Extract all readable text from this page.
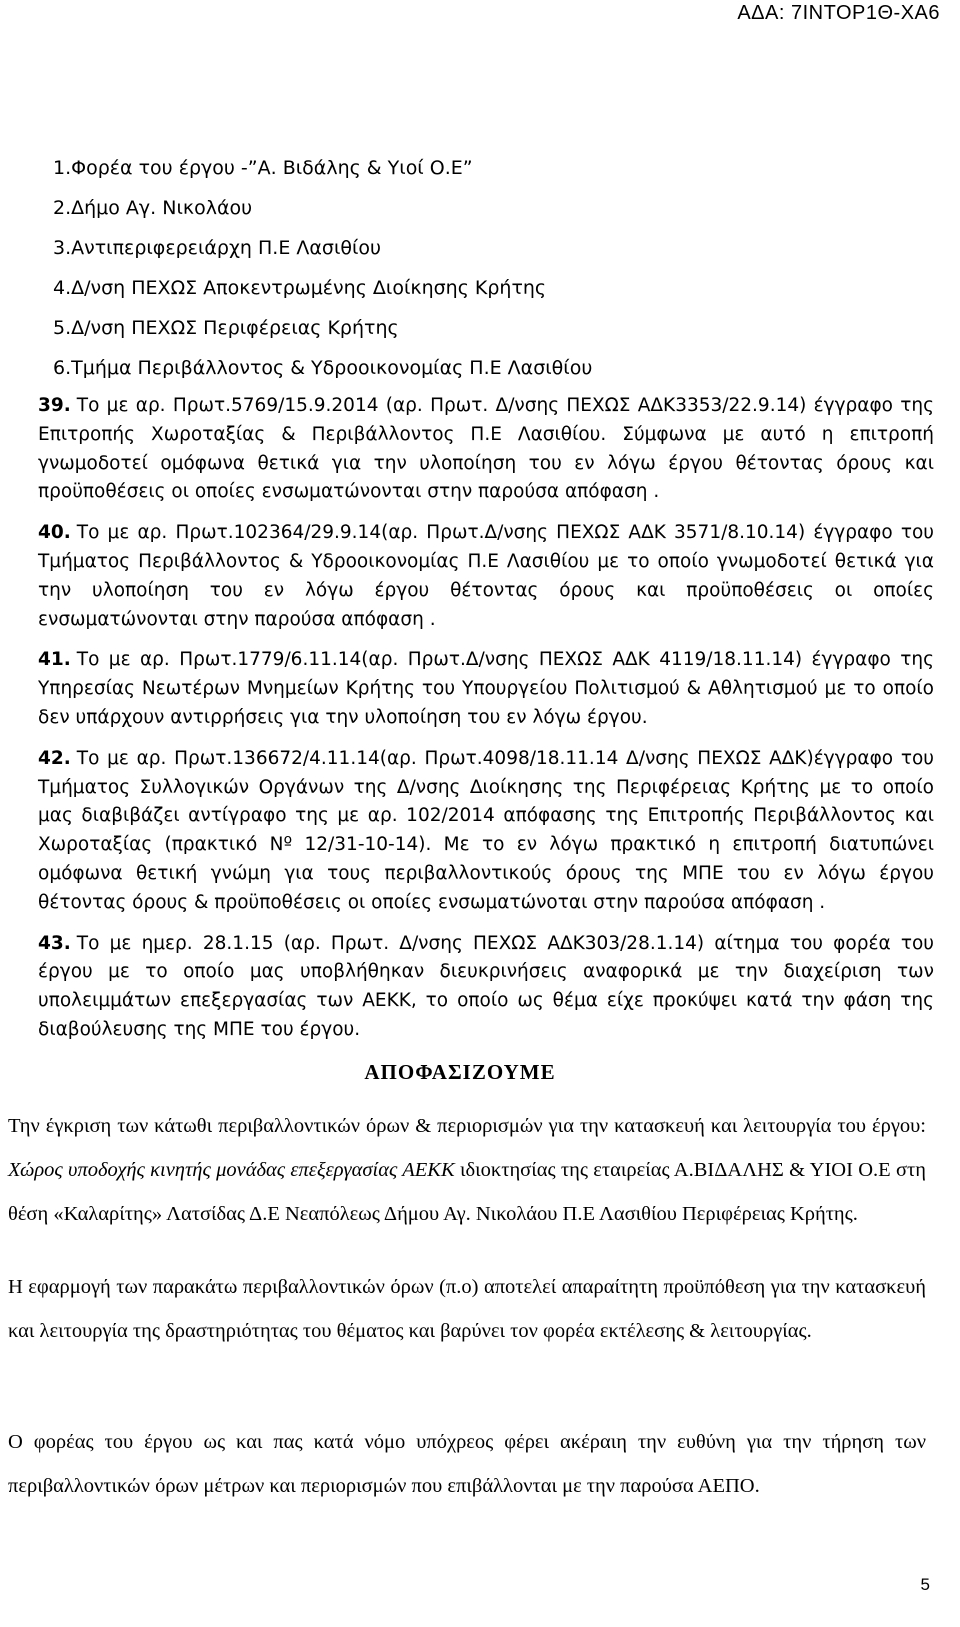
ΑΔΑ: 7ΙΝΤΟΡ1Θ-ΧΑ6
1.Φορέα του έργου -”Α. Βιδάλης & Υιοί Ο.Ε”
2.Δήμο Αγ. Νικολάου
3.Αντιπεριφερειάρχη Π.Ε Λασιθίου
4.Δ/νση ΠΕΧΩΣ Αποκεντρωμένης Διοίκησης Κρήτης
5.Δ/νση ΠΕΧΩΣ Περιφέρειας Κρήτης
6.Τμήμα Περιβάλλοντος & Υδροοικονομίας Π.Ε Λασιθίου
39. Το με αρ. Πρωτ.5769/15.9.2014 (αρ. Πρωτ. Δ/νσης ΠΕΧΩΣ ΑΔΚ3353/22.9.14) έγγραφο της Επιτροπής Χωροταξίας & Περιβάλλοντος Π.Ε Λασιθίου. Σύμφωνα με αυτό η επιτροπή γνωμοδοτεί ομόφωνα θετικά για την υλοποίηση του εν λόγω έργου θέτοντας όρους και προϋποθέσεις οι οποίες ενσωματώνονται στην παρούσα απόφαση .
40. Το με αρ. Πρωτ.102364/29.9.14(αρ. Πρωτ.Δ/νσης ΠΕΧΩΣ ΑΔΚ 3571/8.10.14) έγγραφο του Τμήματος Περιβάλλοντος & Υδροοικονομίας Π.Ε Λασιθίου με το οποίο γνωμοδοτεί θετικά για την υλοποίηση του εν λόγω έργου θέτοντας όρους και προϋποθέσεις οι οποίες ενσωματώνονται στην παρούσα απόφαση .
41. Το με αρ. Πρωτ.1779/6.11.14(αρ. Πρωτ.Δ/νσης ΠΕΧΩΣ ΑΔΚ 4119/18.11.14) έγγραφο της Υπηρεσίας Νεωτέρων Μνημείων Κρήτης του Υπουργείου Πολιτισμού & Αθλητισμού με το οποίο δεν υπάρχουν αντιρρήσεις για την υλοποίηση του εν λόγω έργου.
42. Το με αρ. Πρωτ.136672/4.11.14(αρ. Πρωτ.4098/18.11.14 Δ/νσης ΠΕΧΩΣ ΑΔΚ)έγγραφο του Τμήματος Συλλογικών Οργάνων της Δ/νσης Διοίκησης της Περιφέρειας Κρήτης με το οποίο μας διαβιβάζει αντίγραφο της με αρ. 102/2014 απόφασης της Επιτροπής Περιβάλλοντος και Χωροταξίας (πρακτικό Νº 12/31-10-14). Με το εν λόγω πρακτικό η επιτροπή διατυπώνει ομόφωνα θετική γνώμη για τους περιβαλλοντικούς όρους της ΜΠΕ του εν λόγω έργου θέτοντας όρους & προϋποθέσεις οι οποίες ενσωματώνοται στην παρούσα απόφαση .
43. Το με ημερ. 28.1.15 (αρ. Πρωτ. Δ/νσης ΠΕΧΩΣ ΑΔΚ303/28.1.14) αίτημα του φορέα του έργου με το οποίο μας υποβλήθηκαν διευκρινήσεις αναφορικά με την διαχείριση των υπολειμμάτων επεξεργασίας των ΑΕΚΚ, το οποίο ως θέμα είχε προκύψει κατά την φάση της διαβούλευσης της ΜΠΕ του έργου.
ΑΠΟΦΑΣΙΖΟΥΜΕ
Την έγκριση των κάτωθι περιβαλλοντικών όρων & περιορισμών για την κατασκευή και λειτουργία του έργου: Χώρος υποδοχής κινητής μονάδας επεξεργασίας ΑΕΚΚ ιδιοκτησίας της εταιρείας Α.ΒΙΔΑΛΗΣ & ΥΙΟΙ Ο.Ε στη θέση «Καλαρίτης» Λατσίδας Δ.Ε Νεαπόλεως Δήμου Αγ. Νικολάου Π.Ε Λασιθίου Περιφέρειας Κρήτης.
Η εφαρμογή των παρακάτω περιβαλλοντικών όρων (π.ο) αποτελεί απαραίτητη προϋπόθεση για την κατασκευή και λειτουργία της δραστηριότητας του θέματος και βαρύνει τον φορέα εκτέλεσης & λειτουργίας.
Ο φορέας του έργου ως και πας κατά νόμο υπόχρεος φέρει ακέραιη την ευθύνη για την τήρηση των περιβαλλοντικών όρων μέτρων και περιορισμών που επιβάλλονται με την παρούσα ΑΕΠΟ.
5
